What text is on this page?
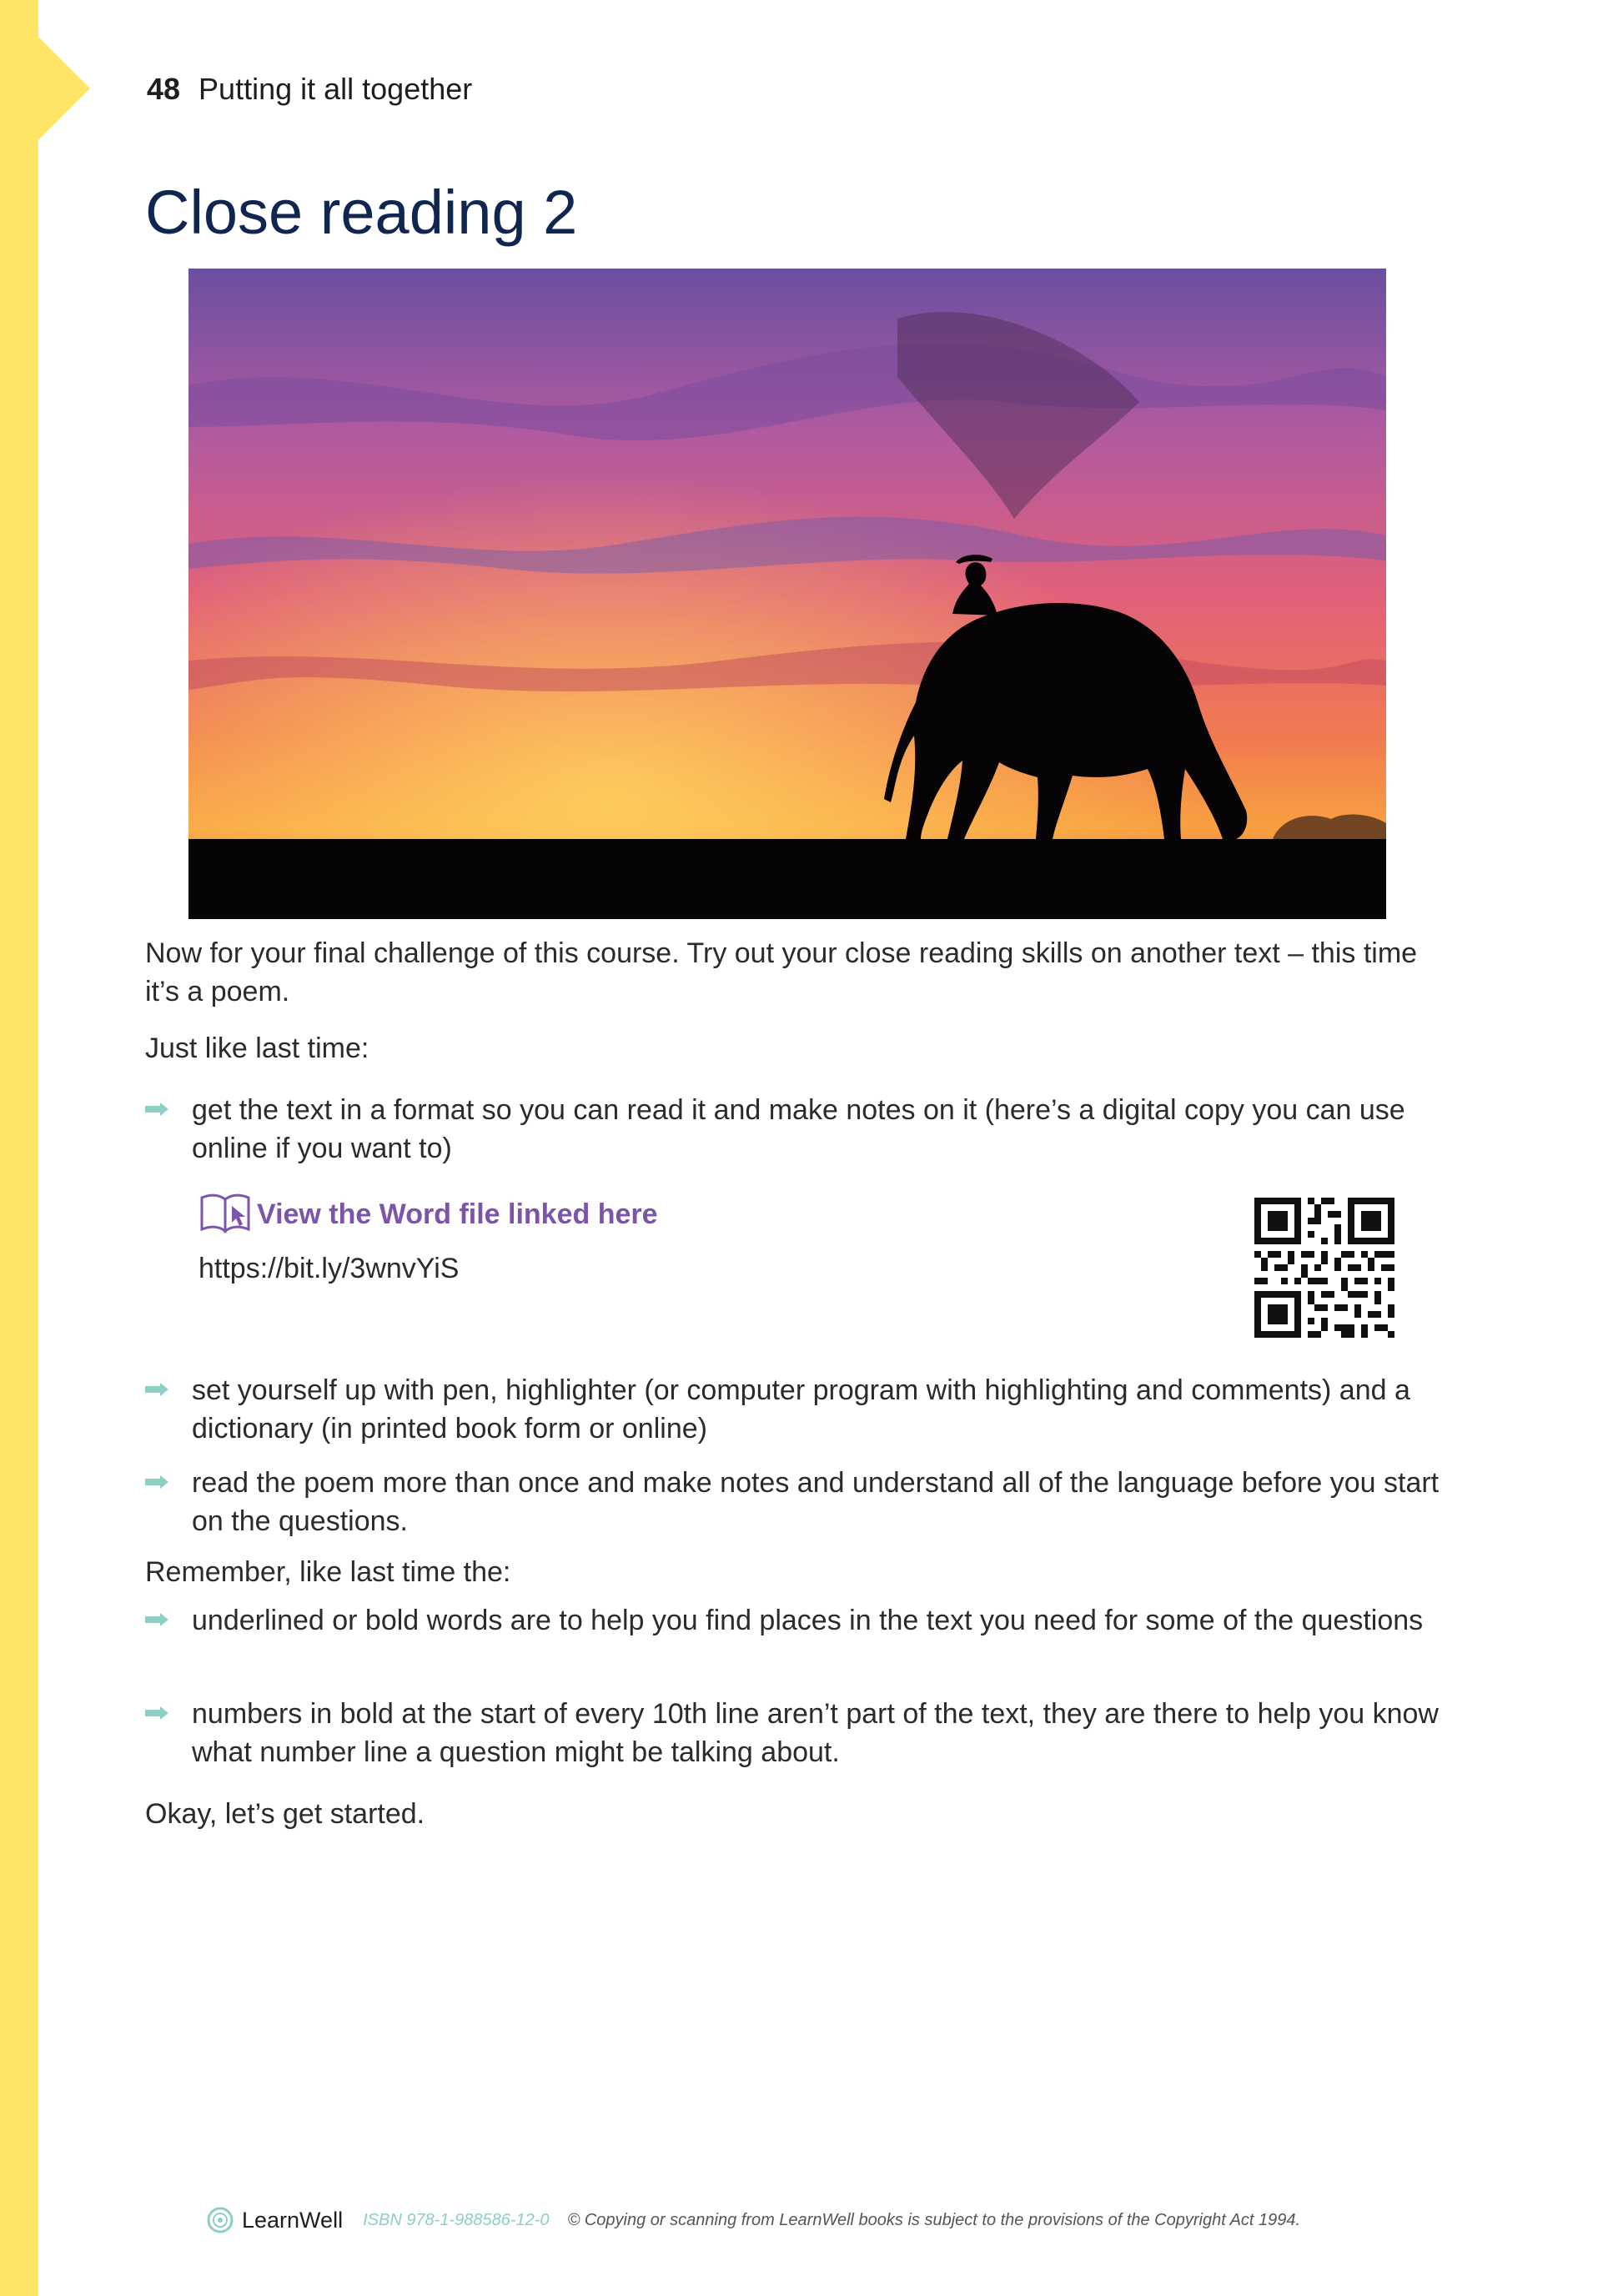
48 Putting it all together
Close reading 2

Now for your final challenge of this course. Try out your close reading skills on another text – this time it’s a poem.

Just like last time:

get the text in a format so you can read it and make notes on it (here’s a digital copy you can use online if you want to)
View the Word file linked here
https://bit.ly/3wnvYiS
set yourself up with pen, highlighter (or computer program with highlighting and comments) and a dictionary (in printed book form or online)
read the poem more than once and make notes and understand all of the language before you start on the questions.

Remember, like last time the:

underlined or bold words are to help you find places in the text you need for some of the questions
numbers in bold at the start of every 10th line aren’t part of the text, they are there to help you know what number line a question might be talking about.

Okay, let’s get started.

LearnWell ISBN 978-1-988586-12-0 © Copying or scanning from LearnWell books is subject to the provisions of the Copyright Act 1994.
